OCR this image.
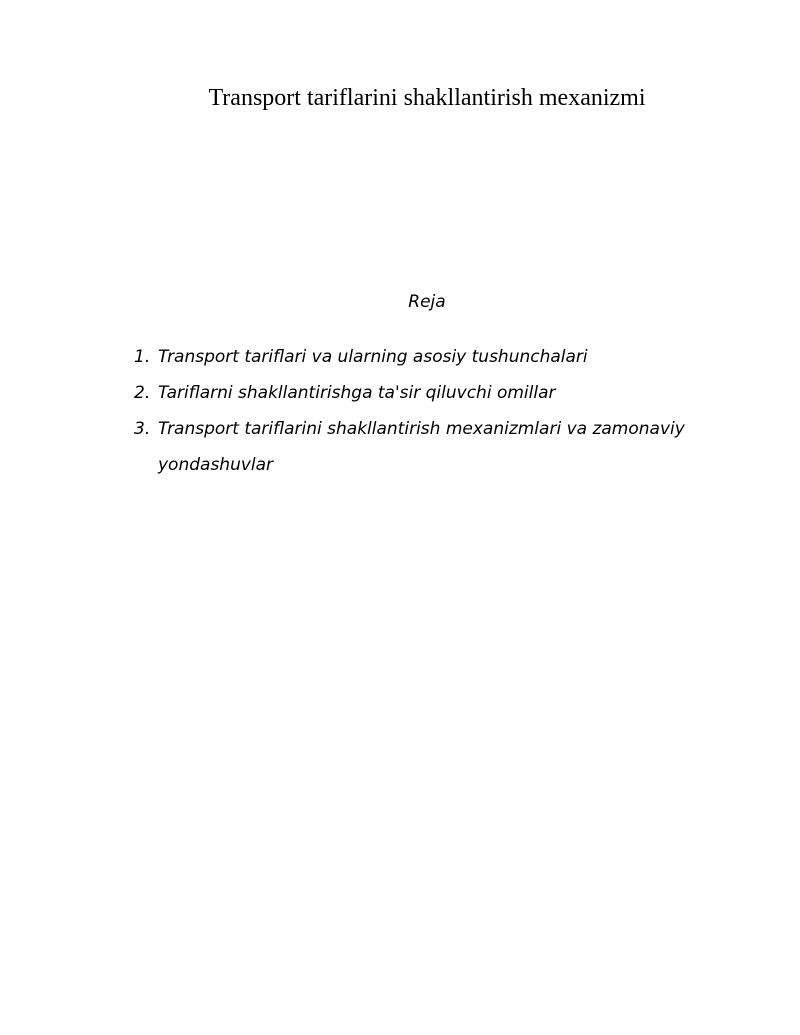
Transport tariflarini shakllantirish mexanizmi
Reja
1. Transport tariflari va ularning asosiy tushunchalari
2. Tariflarni shakllantirishga ta'sir qiluvchi omillar
3. Transport tariflarini shakllantirish mexanizmlari va zamonaviy yondashuvlar
